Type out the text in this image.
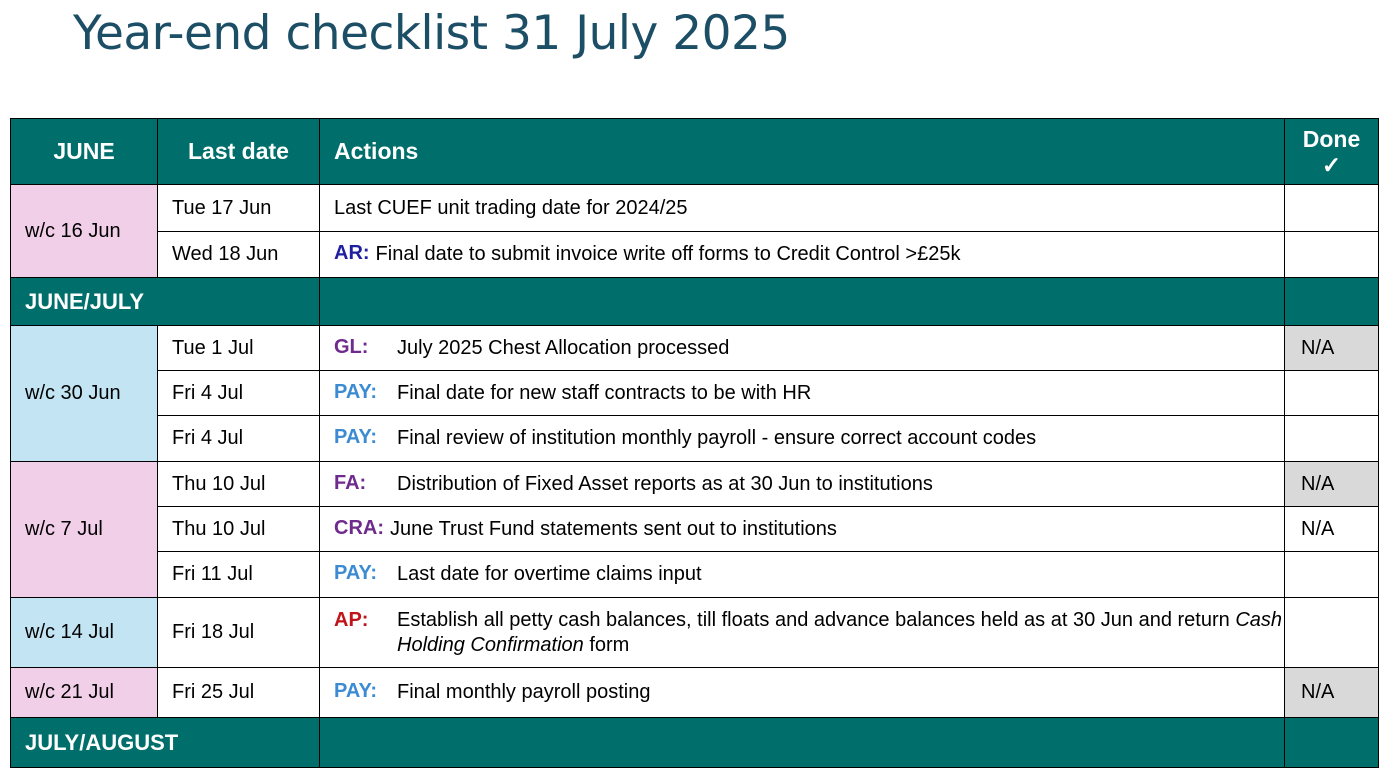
Year-end checklist 31 July 2025
JUNE	Last date	Actions	Done
✓

w/c 16 Jun	Tue 17 Jun	Last CUEF unit trading date for 2024/25	

	Wed 18 Jun	AR: Final date to submit invoice write off forms to Credit Control >£25k	

JUNE/JULY			
w/c 30 Jun	Tue 1 Jul	GL: July 2025 Chest Allocation processed	N/A
	Fri 4 Jul	PAY: Final date for new staff contracts to be with HR	

	Fri 4 Jul	PAY: Final review of institution monthly payroll - ensure correct account codes	

w/c 7 Jul	Thu 10 Jul	FA: Distribution of Fixed Asset reports as at 30 Jun to institutions	N/A
	Thu 10 Jul	CRA: June Trust Fund statements sent out to institutions	N/A
	Fri 11 Jul	PAY: Last date for overtime claims input	

w/c 14 Jul	Fri 18 Jul	AP: Establish all petty cash balances, till floats and advance balances held as at 30 Jun and return Cash Holding Confirmation form	

w/c 21 Jul	Fri 25 Jul	PAY: Final monthly payroll posting	N/A
JULY/AUGUST			
